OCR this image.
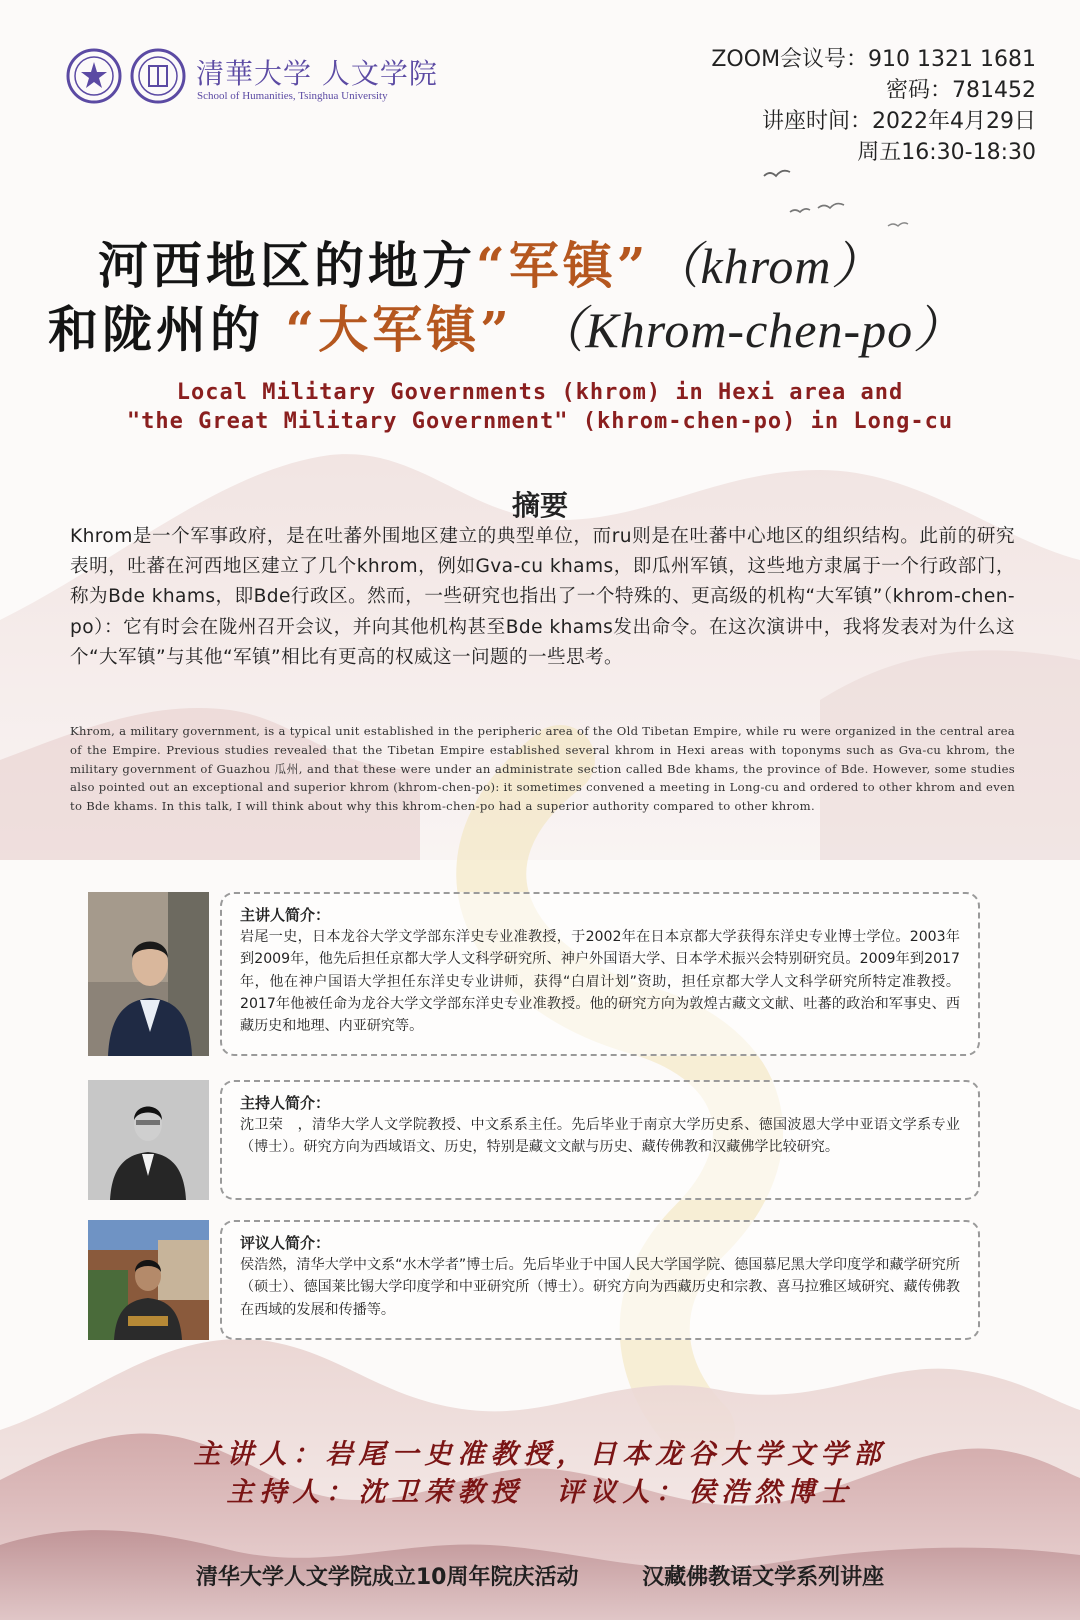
清華大学 人文学院
School of Humanities, Tsinghua University
ZOOM会议号：910 1321 1681
密码：781452
讲座时间：2022年4月29日
周五16:30-18:30
河西地区的地方“军镇”（khrom）
和陇州的 “大军镇” （Khrom-chen-po）
Local Military Governments (khrom) in Hexi area and
"the Great Military Government" (khrom-chen-po) in Long-cu
摘要
Khrom是一个军事政府，是在吐蕃外围地区建立的典型单位，而ru则是在吐蕃中心地区的组织结构。此前的研究表明，吐蕃在河西地区建立了几个khrom，例如Gva-cu khams，即瓜州军镇，这些地方隶属于一个行政部门，称为Bde khams，即Bde行政区。然而，一些研究也指出了一个特殊的、更高级的机构“大军镇”（khrom-chen-po）：它有时会在陇州召开会议，并向其他机构甚至Bde khams发出命令。在这次演讲中，我将发表对为什么这个“大军镇”与其他“军镇”相比有更高的权威这一问题的一些思考。
Khrom, a military government, is a typical unit established in the peripheric area of the Old Tibetan Empire, while ru were organized in the central area of the Empire. Previous studies revealed that the Tibetan Empire established several khrom in Hexi areas with toponyms such as Gva-cu khrom, the military government of Guazhou 瓜州, and that these were under an administrate section called Bde khams, the province of Bde. However, some studies also pointed out an exceptional and superior khrom (khrom-chen-po): it sometimes convened a meeting in Long-cu and ordered to other khrom and even to Bde khams. In this talk, I will think about why this khrom-chen-po had a superior authority compared to other khrom.
主讲人简介：
岩尾一史，日本龙谷大学文学部东洋史专业准教授，于2002年在日本京都大学获得东洋史专业博士学位。2003年到2009年，他先后担任京都大学人文科学研究所、神户外国语大学、日本学术振兴会特别研究员。2009年到2017年，他在神户国语大学担任东洋史专业讲师，获得“白眉计划”资助，担任京都大学人文科学研究所特定准教授。2017年他被任命为龙谷大学文学部东洋史专业准教授。他的研究方向为敦煌古藏文文献、吐蕃的政治和军事史、西藏历史和地理、内亚研究等。
主持人简介：
沈卫荣　，清华大学人文学院教授、中文系系主任。先后毕业于南京大学历史系、德国波恩大学中亚语文学系专业（博士）。研究方向为西域语文、历史，特别是藏文文献与历史、藏传佛教和汉藏佛学比较研究。
评议人简介：
侯浩然，清华大学中文系“水木学者”博士后。先后毕业于中国人民大学国学院、德国慕尼黑大学印度学和藏学研究所（硕士）、德国莱比锡大学印度学和中亚研究所（博士）。研究方向为西藏历史和宗教、喜马拉雅区域研究、藏传佛教在西域的发展和传播等。
主讲人：岩尾一史准教授，日本龙谷大学文学部
主持人：沈卫荣教授　评议人：侯浩然博士
清华大学人文学院成立10周年院庆活动	汉藏佛教语文学系列讲座
